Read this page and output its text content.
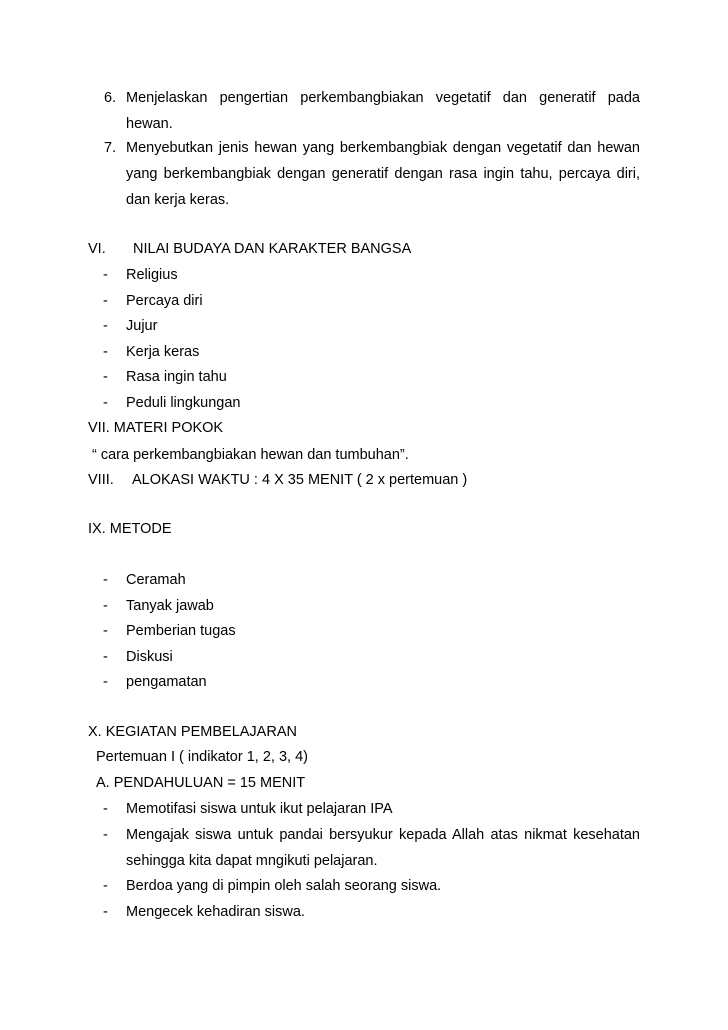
6. Menjelaskan pengertian perkembangbiakan vegetatif dan generatif pada
hewan.
7. Menyebutkan jenis hewan yang berkembangbiak dengan vegetatif dan hewan
yang berkembangbiak dengan generatif dengan rasa ingin tahu, percaya diri,
dan kerja keras.
VI. NILAI BUDAYA DAN KARAKTER BANGSA
- Religius
- Percaya diri
- Jujur
- Kerja keras
- Rasa ingin tahu
- Peduli lingkungan
VII. MATERI POKOK
“ cara perkembangbiakan hewan dan tumbuhan”.
VIII. ALOKASI WAKTU : 4 X 35 MENIT ( 2 x pertemuan )
IX. METODE
- Ceramah
- Tanyak jawab
- Pemberian tugas
- Diskusi
- pengamatan
X. KEGIATAN PEMBELAJARAN
Pertemuan I ( indikator 1, 2, 3, 4)
A. PENDAHULUAN = 15 MENIT
- Memotifasi siswa untuk ikut pelajaran IPA
- Mengajak siswa untuk pandai bersyukur kepada Allah atas nikmat kesehatan
sehingga kita dapat mngikuti pelajaran.
- Berdoa yang di pimpin oleh salah seorang siswa.
- Mengecek kehadiran siswa.
